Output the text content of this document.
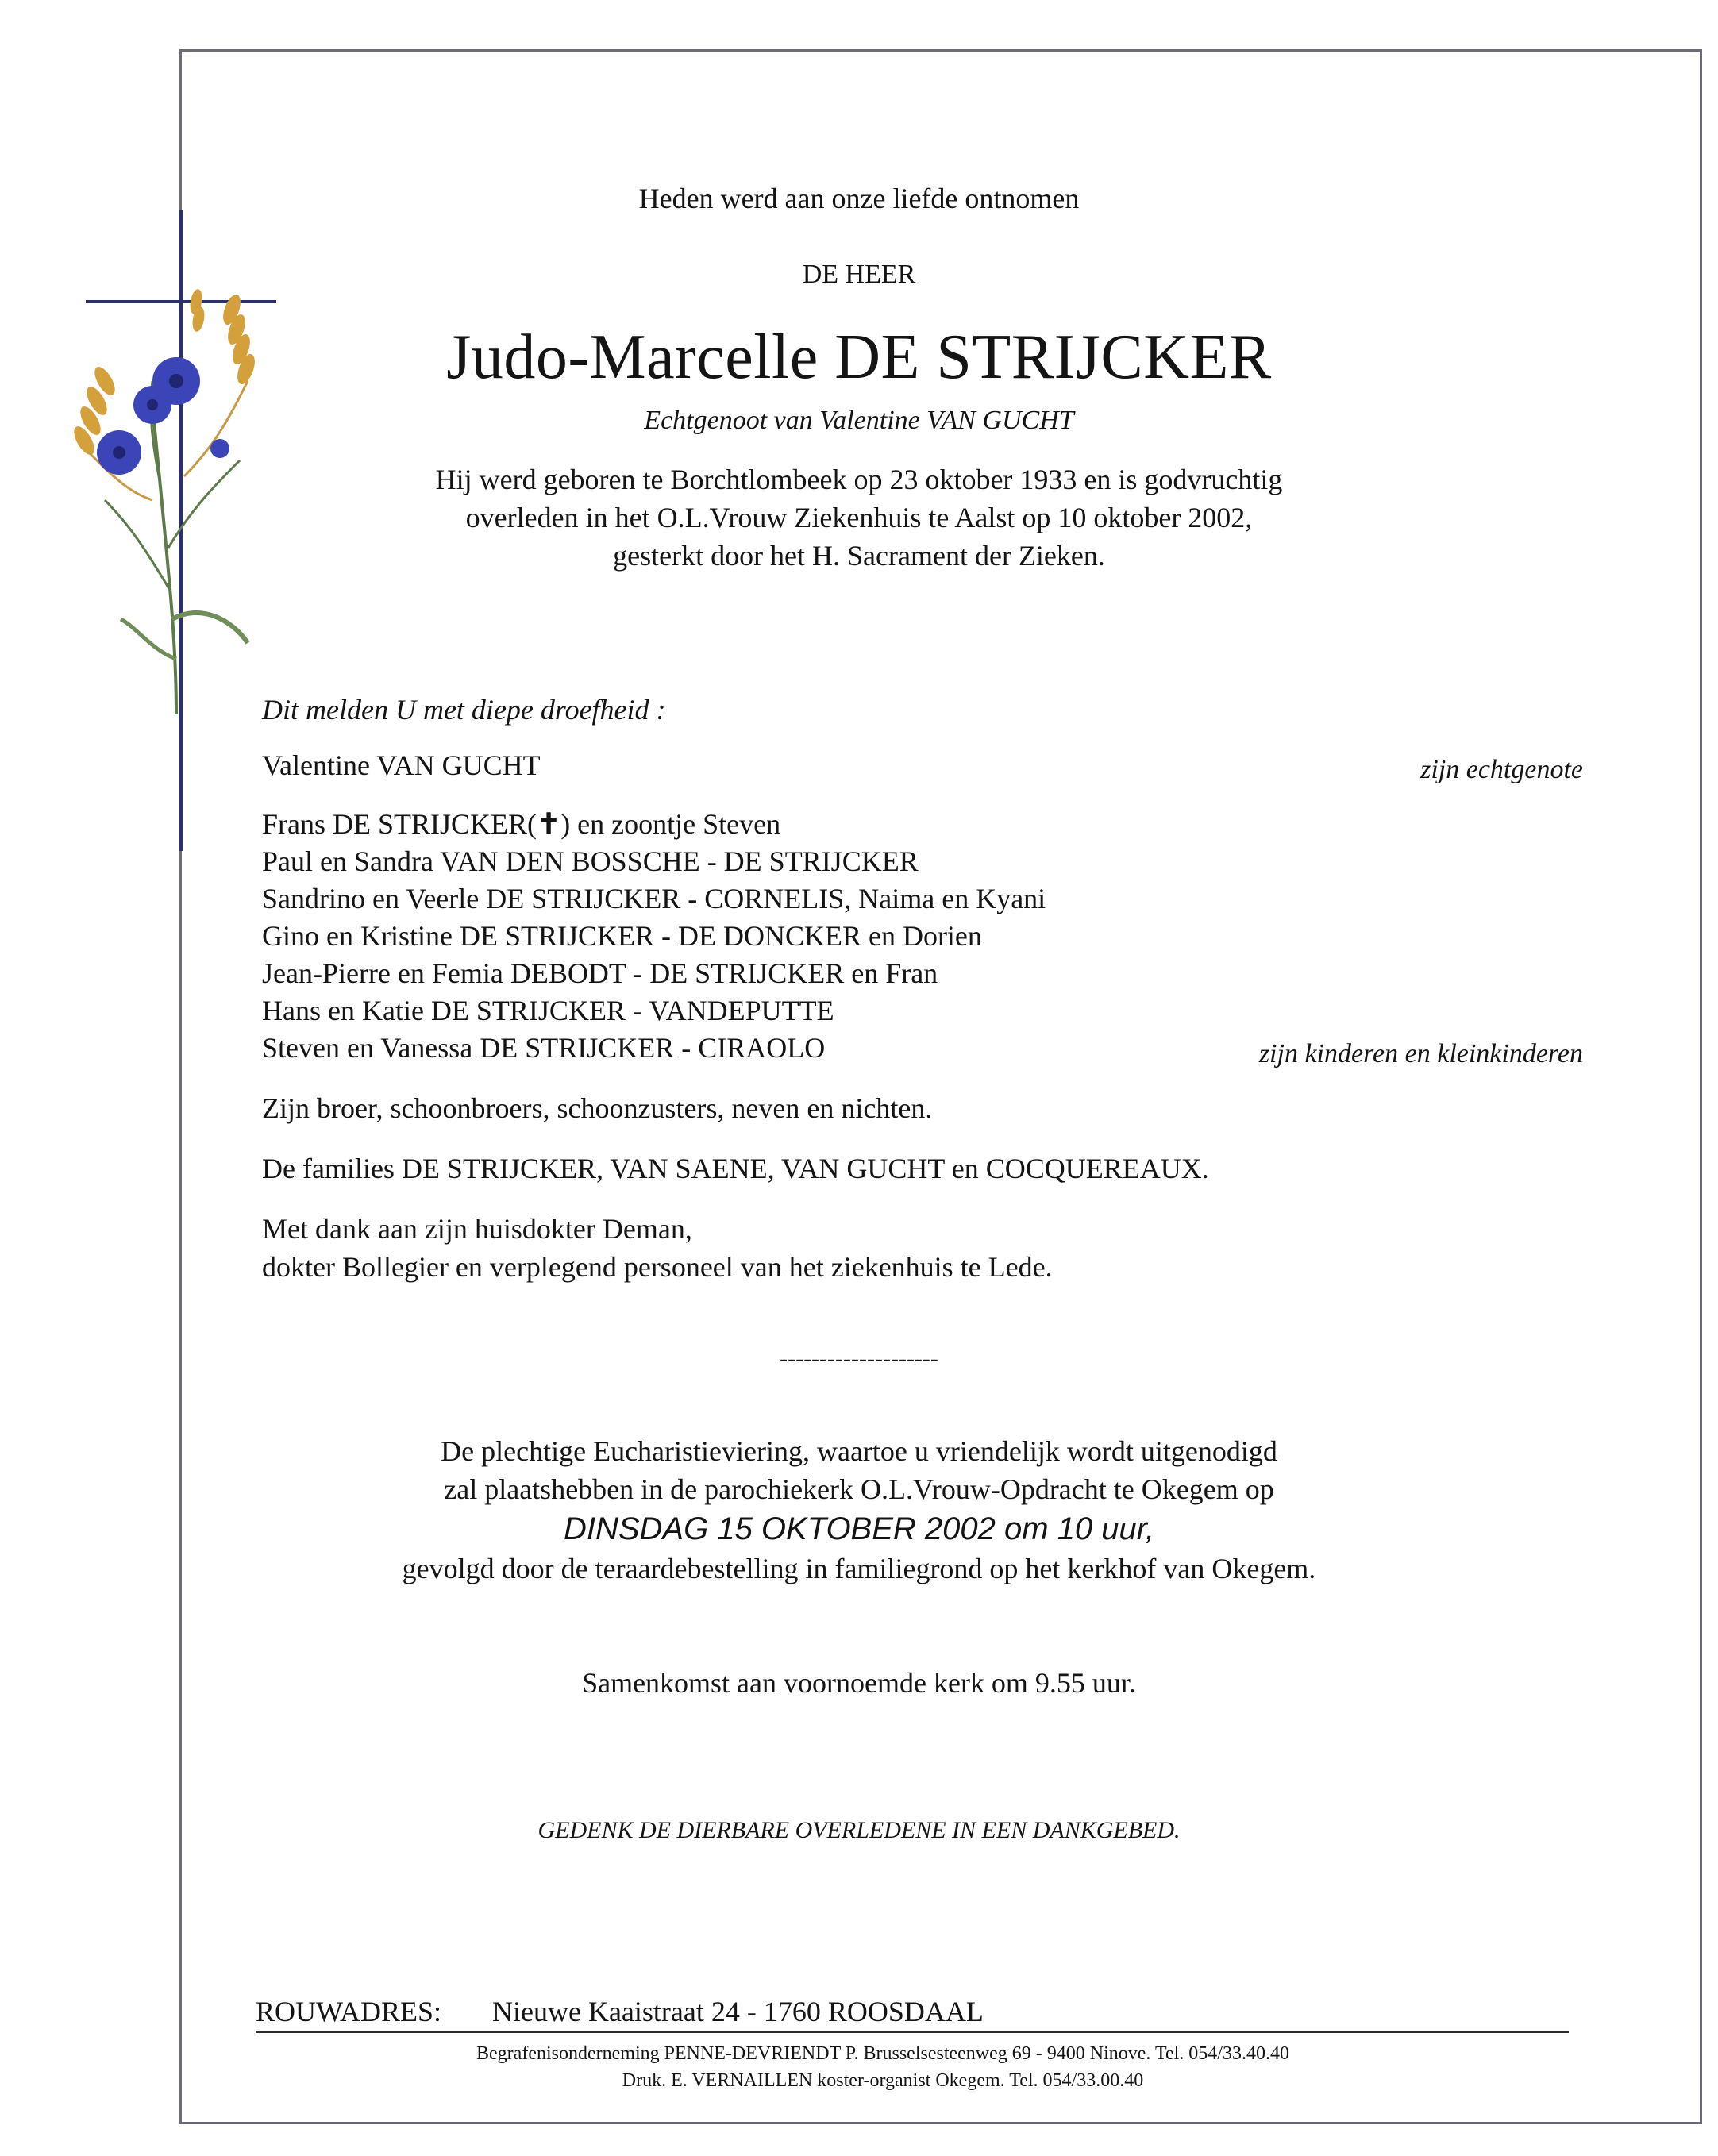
Heden werd aan onze liefde ontnomen
DE HEER
Judo-Marcelle DE STRIJCKER
Echtgenoot van Valentine VAN GUCHT
Hij werd geboren te Borchtlombeek op 23 oktober 1933 en is godvruchtig
overleden in het O.L.Vrouw Ziekenhuis te Aalst op 10 oktober 2002,
gesterkt door het H. Sacrament der Zieken.
Dit melden U met diepe droefheid :
Valentine VAN GUCHT	zijn echtgenote
Frans DE STRIJCKER(✝) en zoontje Steven
Paul en Sandra VAN DEN BOSSCHE - DE STRIJCKER
Sandrino en Veerle DE STRIJCKER - CORNELIS, Naima en Kyani
Gino en Kristine DE STRIJCKER - DE DONCKER en Dorien
Jean-Pierre en Femia DEBODT - DE STRIJCKER en Fran
Hans en Katie DE STRIJCKER - VANDEPUTTE
Steven en Vanessa DE STRIJCKER - CIRAOLO	zijn kinderen en kleinkinderen
Zijn broer, schoonbroers, schoonzusters, neven en nichten.
De families DE STRIJCKER, VAN SAENE, VAN GUCHT en COCQUEREAUX.
Met dank aan zijn huisdokter Deman,
dokter Bollegier en verplegend personeel van het ziekenhuis te Lede.
--------------------
De plechtige Eucharistieviering, waartoe u vriendelijk wordt uitgenodigd
zal plaatshebben in de parochiekerk O.L.Vrouw-Opdracht te Okegem op
DINSDAG 15 OKTOBER 2002 om 10 uur,
gevolgd door de teraardebestelling in familiegrond op het kerkhof van Okegem.
Samenkomst aan voornoemde kerk om 9.55 uur.
GEDENK DE DIERBARE OVERLEDENE IN EEN DANKGEBED.
ROUWADRES: Nieuwe Kaaistraat 24 - 1760 ROOSDAAL
Begrafenisonderneming PENNE-DEVRIENDT P. Brusselsesteenweg 69 - 9400 Ninove. Tel. 054/33.40.40
Druk. E. VERNAILLEN koster-organist Okegem. Tel. 054/33.00.40
